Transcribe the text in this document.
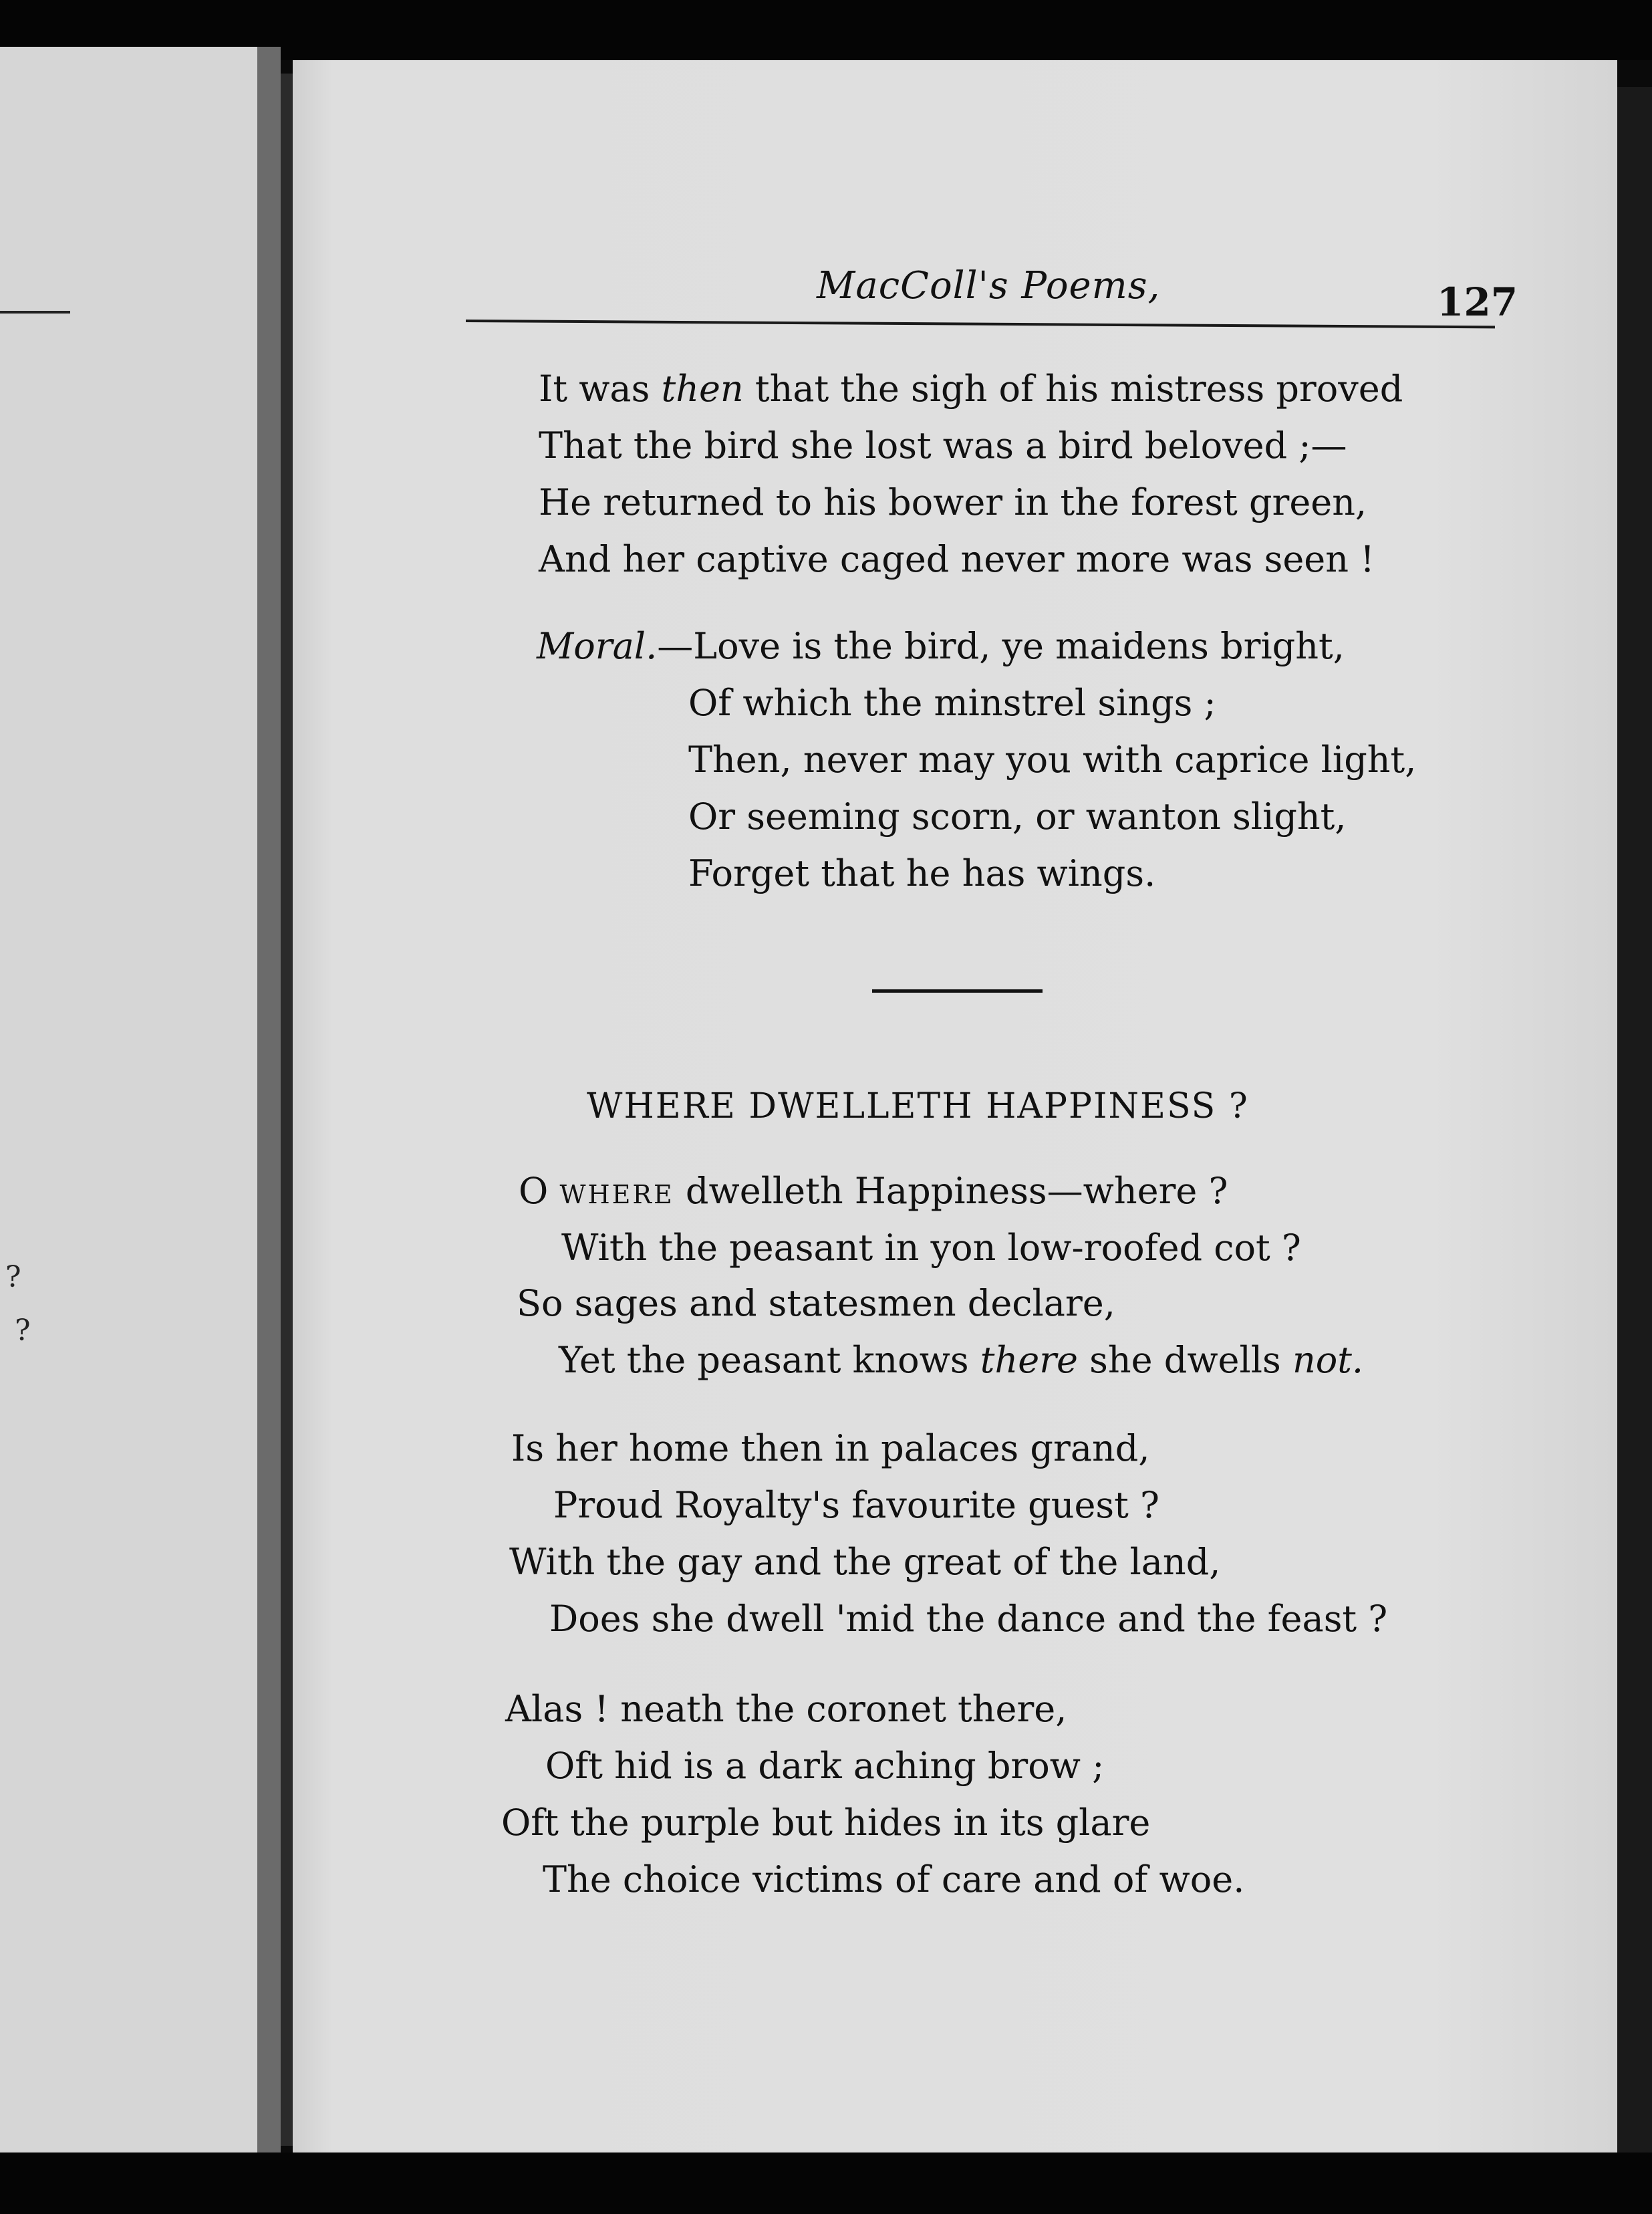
?
?
MacColl's Poems,	127
It was then that the sigh of his mistress proved
That the bird she lost was a bird beloved ;—
He returned to his bower in the forest green,
And her captive caged never more was seen !
Moral.—Love is the bird, ye maidens bright,
Of which the minstrel sings ;
Then, never may you with caprice light,
Or seeming scorn, or wanton slight,
Forget that he has wings.
WHERE DWELLETH HAPPINESS ?
O where dwelleth Happiness—where ?
With the peasant in yon low-roofed cot ?
So sages and statesmen declare,
Yet the peasant knows there she dwells not.
Is her home then in palaces grand,
Proud Royalty's favourite guest ?
With the gay and the great of the land,
Does she dwell 'mid the dance and the feast ?
Alas ! neath the coronet there,
Oft hid is a dark aching brow ;
Oft the purple but hides in its glare
The choice victims of care and of woe.
